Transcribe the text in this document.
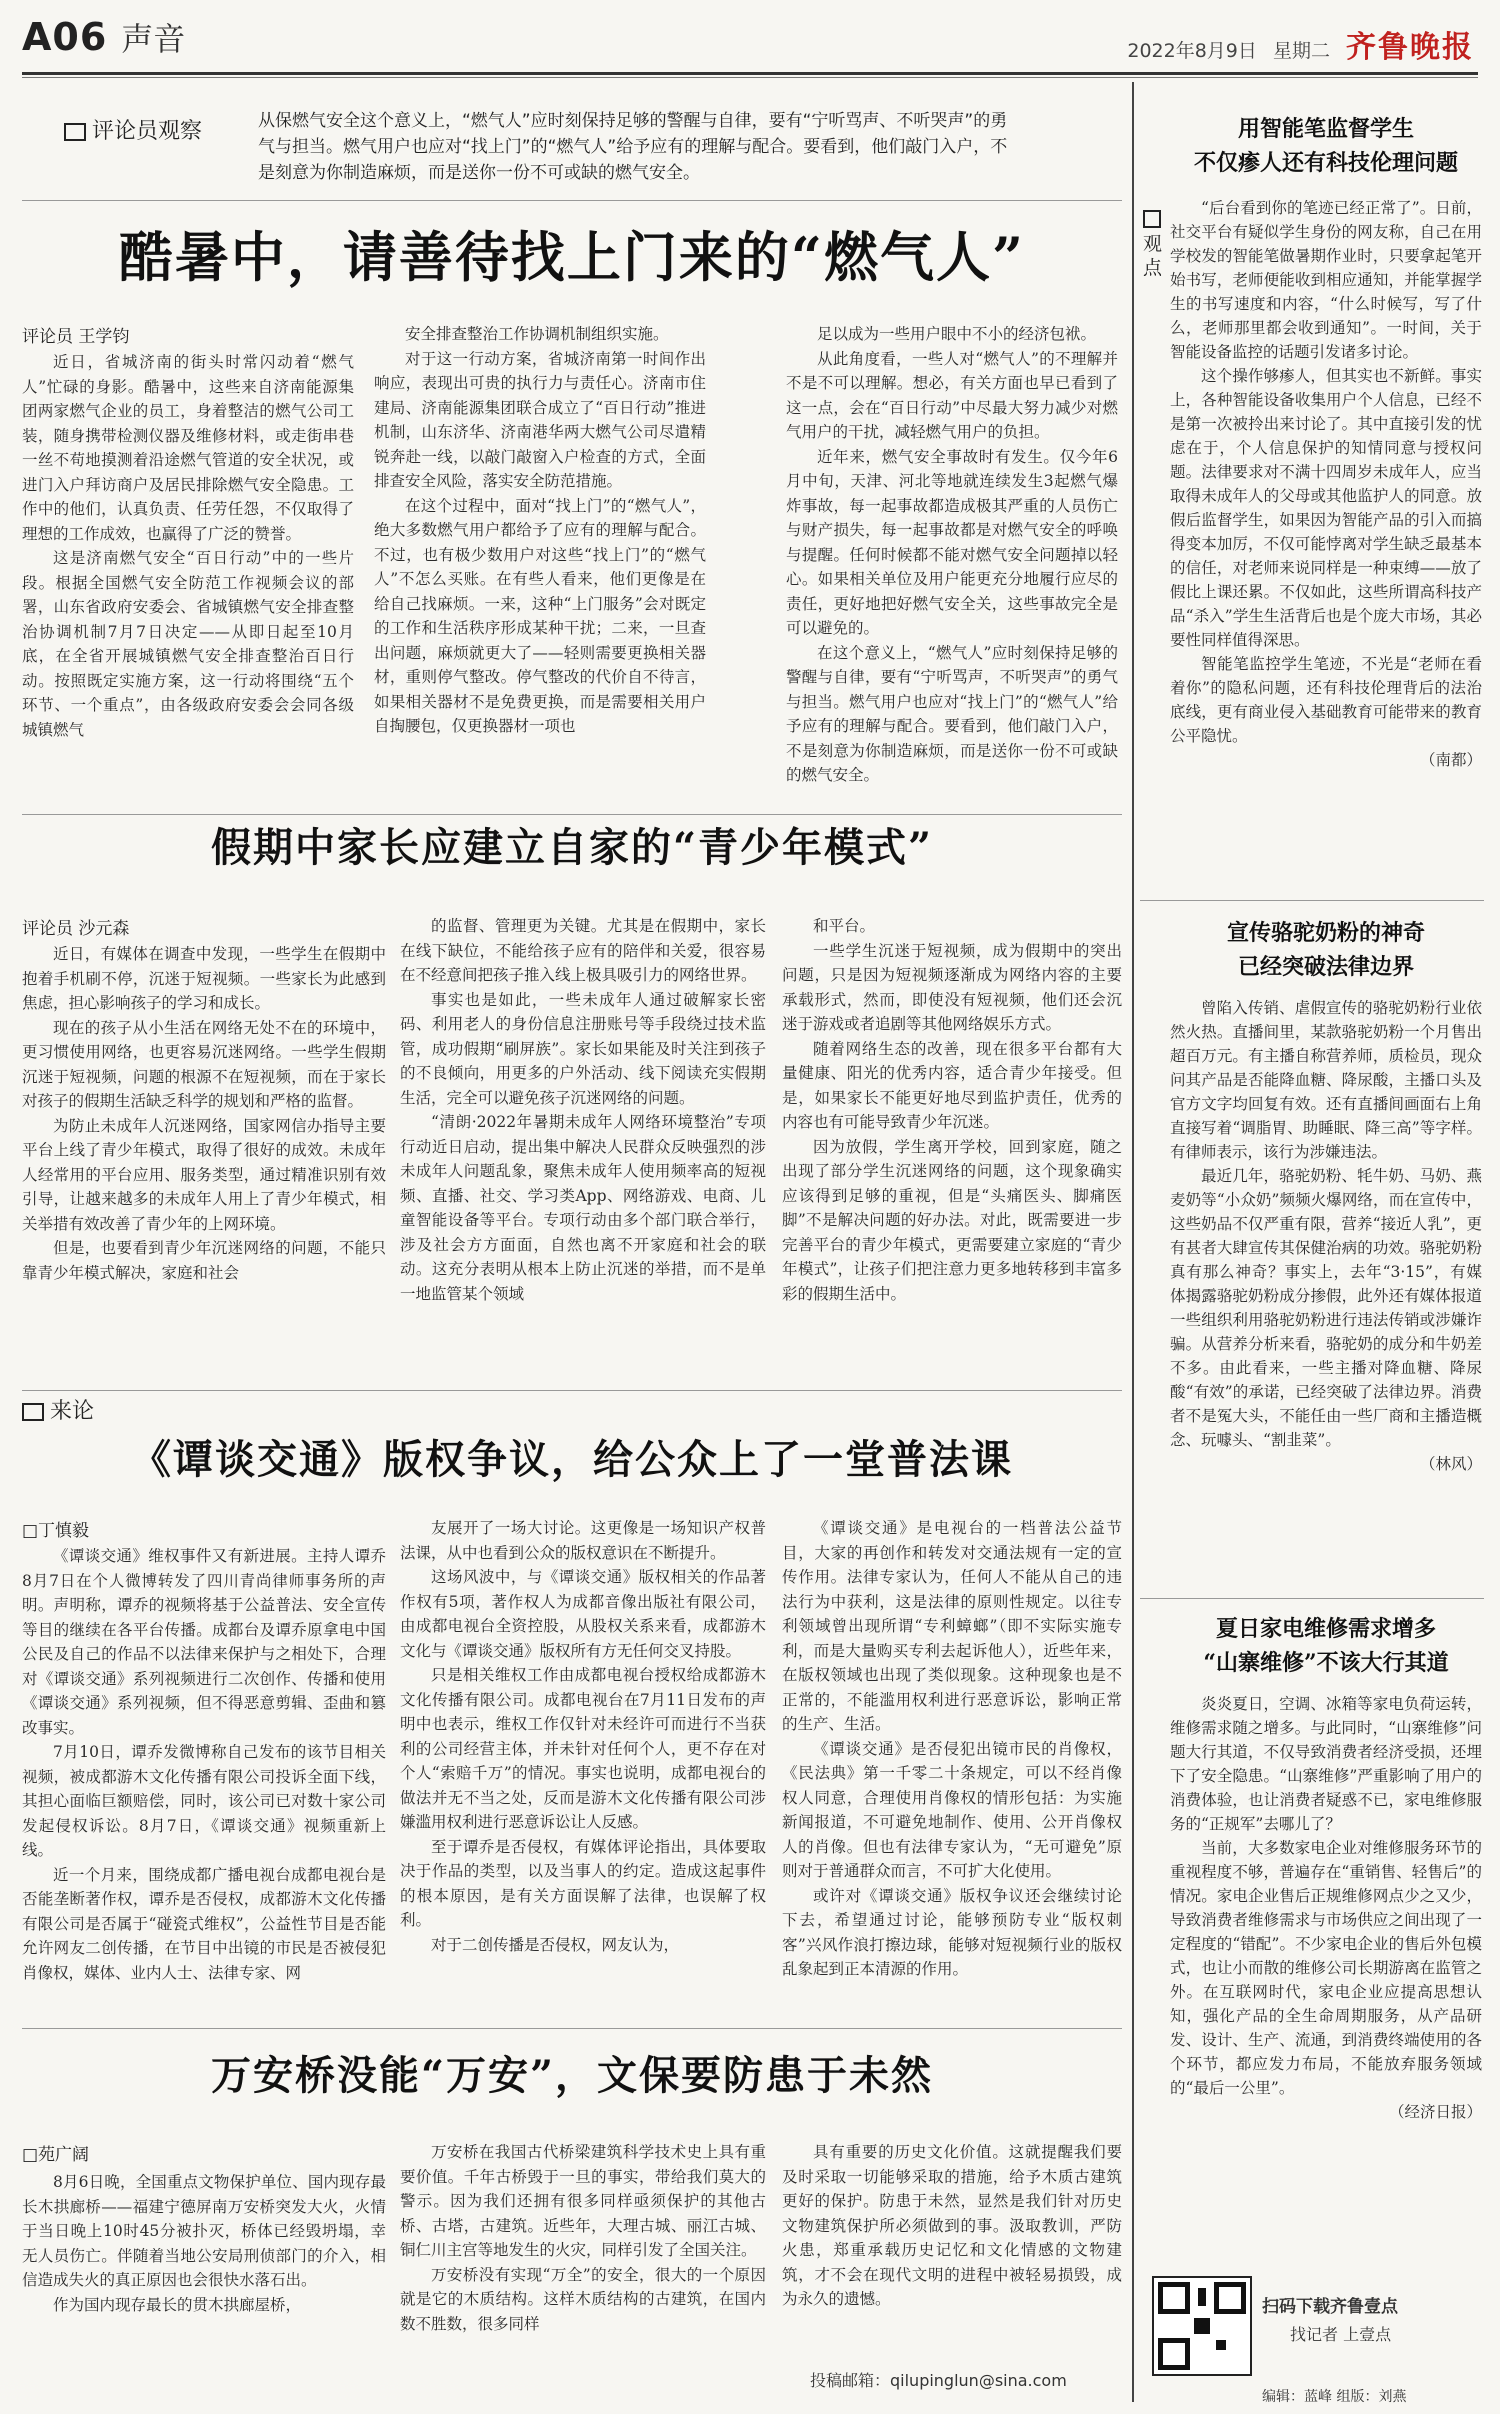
A06 声音	2022年8月9日 星期二 齐鲁晚报
评论员观察	从保燃气安全这个意义上，“燃气人”应时刻保持足够的警醒与自律，要有“宁听骂声、不听哭声”的勇气与担当。燃气用户也应对“找上门”的“燃气人”给予应有的理解与配合。要看到，他们敲门入户，不是刻意为你制造麻烦，而是送你一份不可或缺的燃气安全。
酷暑中，请善待找上门来的“燃气人”
评论员 王学钧

近日，省城济南的街头时常闪动着“燃气人”忙碌的身影。酷暑中，这些来自济南能源集团两家燃气企业的员工，身着整洁的燃气公司工装，随身携带检测仪器及维修材料，或走街串巷一丝不苟地摸测着沿途燃气管道的安全状况，或进门入户拜访商户及居民排除燃气安全隐患。工作中的他们，认真负责、任劳任怨，不仅取得了理想的工作成效，也赢得了广泛的赞誉。

这是济南燃气安全“百日行动”中的一些片段。根据全国燃气安全防范工作视频会议的部署，山东省政府安委会、省城镇燃气安全排查整治协调机制7月7日决定——从即日起至10月底，在全省开展城镇燃气安全排查整治百日行动。按照既定实施方案，这一行动将围绕“五个环节、一个重点”，由各级政府安委会会同各级城镇燃气

安全排查整治工作协调机制组织实施。

对于这一行动方案，省城济南第一时间作出响应，表现出可贵的执行力与责任心。济南市住建局、济南能源集团联合成立了“百日行动”推进机制，山东济华、济南港华两大燃气公司尽遣精锐奔赴一线，以敲门敲窗入户检查的方式，全面排查安全风险，落实安全防范措施。

在这个过程中，面对“找上门”的“燃气人”，绝大多数燃气用户都给予了应有的理解与配合。不过，也有极少数用户对这些“找上门”的“燃气人”不怎么买账。在有些人看来，他们更像是在给自己找麻烦。一来，这种“上门服务”会对既定的工作和生活秩序形成某种干扰；二来，一旦查出问题，麻烦就更大了——轻则需要更换相关器材，重则停气整改。停气整改的代价自不待言，如果相关器材不是免费更换，而是需要相关用户自掏腰包，仅更换器材一项也

足以成为一些用户眼中不小的经济包袱。

从此角度看，一些人对“燃气人”的不理解并不是不可以理解。想必，有关方面也早已看到了这一点，会在“百日行动”中尽最大努力减少对燃气用户的干扰，减轻燃气用户的负担。

近年来，燃气安全事故时有发生。仅今年6月中旬，天津、河北等地就连续发生3起燃气爆炸事故，每一起事故都造成极其严重的人员伤亡与财产损失，每一起事故都是对燃气安全的呼唤与提醒。任何时候都不能对燃气安全问题掉以轻心。如果相关单位及用户能更充分地履行应尽的责任，更好地把好燃气安全关，这些事故完全是可以避免的。

在这个意义上，“燃气人”应时刻保持足够的警醒与自律，要有“宁听骂声，不听哭声”的勇气与担当。燃气用户也应对“找上门”的“燃气人”给予应有的理解与配合。要看到，他们敲门入户，不是刻意为你制造麻烦，而是送你一份不可或缺的燃气安全。

假期中家长应建立自家的“青少年模式”
评论员 沙元森

近日，有媒体在调查中发现，一些学生在假期中抱着手机刷不停，沉迷于短视频。一些家长为此感到焦虑，担心影响孩子的学习和成长。

现在的孩子从小生活在网络无处不在的环境中，更习惯使用网络，也更容易沉迷网络。一些学生假期沉迷于短视频，问题的根源不在短视频，而在于家长对孩子的假期生活缺乏科学的规划和严格的监督。

为防止未成年人沉迷网络，国家网信办指导主要平台上线了青少年模式，取得了很好的成效。未成年人经常用的平台应用、服务类型，通过精准识别有效引导，让越来越多的未成年人用上了青少年模式，相关举措有效改善了青少年的上网环境。

但是，也要看到青少年沉迷网络的问题，不能只靠青少年模式解决，家庭和社会

的监督、管理更为关键。尤其是在假期中，家长在线下缺位，不能给孩子应有的陪伴和关爱，很容易在不经意间把孩子推入线上极具吸引力的网络世界。

事实也是如此，一些未成年人通过破解家长密码、利用老人的身份信息注册账号等手段绕过技术监管，成功假期“刷屏族”。家长如果能及时关注到孩子的不良倾向，用更多的户外活动、线下阅读充实假期生活，完全可以避免孩子沉迷网络的问题。

“清朗·2022年暑期未成年人网络环境整治”专项行动近日启动，提出集中解决人民群众反映强烈的涉未成年人问题乱象，聚焦未成年人使用频率高的短视频、直播、社交、学习类App、网络游戏、电商、儿童智能设备等平台。专项行动由多个部门联合举行，涉及社会方方面面，自然也离不开家庭和社会的联动。这充分表明从根本上防止沉迷的举措，而不是单一地监管某个领域

和平台。

一些学生沉迷于短视频，成为假期中的突出问题，只是因为短视频逐渐成为网络内容的主要承载形式，然而，即使没有短视频，他们还会沉迷于游戏或者追剧等其他网络娱乐方式。

随着网络生态的改善，现在很多平台都有大量健康、阳光的优秀内容，适合青少年接受。但是，如果家长不能更好地尽到监护责任，优秀的内容也有可能导致青少年沉迷。

因为放假，学生离开学校，回到家庭，随之出现了部分学生沉迷网络的问题，这个现象确实应该得到足够的重视，但是“头痛医头、脚痛医脚”不是解决问题的好办法。对此，既需要进一步完善平台的青少年模式，更需要建立家庭的“青少年模式”，让孩子们把注意力更多地转移到丰富多彩的假期生活中。

来论
《谭谈交通》版权争议，给公众上了一堂普法课
□丁慎毅

《谭谈交通》维权事件又有新进展。主持人谭乔8月7日在个人微博转发了四川青尚律师事务所的声明。声明称，谭乔的视频将基于公益普法、安全宣传等目的继续在各平台传播。成都台及谭乔原拿电中国公民及自己的作品不以法律来保护与之相处下，合理对《谭谈交通》系列视频进行二次创作、传播和使用《谭谈交通》系列视频，但不得恶意剪辑、歪曲和篡改事实。

7月10日，谭乔发微博称自己发布的该节目相关视频，被成都游木文化传播有限公司投诉全面下线，其担心面临巨额赔偿，同时，该公司已对数十家公司发起侵权诉讼。8月7日，《谭谈交通》视频重新上线。

近一个月来，围绕成都广播电视台成都电视台是否能垄断著作权，谭乔是否侵权，成都游木文化传播有限公司是否属于“碰瓷式维权”，公益性节目是否能允许网友二创传播，在节目中出镜的市民是否被侵犯肖像权，媒体、业内人士、法律专家、网

友展开了一场大讨论。这更像是一场知识产权普法课，从中也看到公众的版权意识在不断提升。

这场风波中，与《谭谈交通》版权相关的作品著作权有5项，著作权人为成都音像出版社有限公司，由成都电视台全资控股，从股权关系来看，成都游木文化与《谭谈交通》版权所有方无任何交叉持股。

只是相关维权工作由成都电视台授权给成都游木文化传播有限公司。成都电视台在7月11日发布的声明中也表示，维权工作仅针对未经许可而进行不当获利的公司经营主体，并未针对任何个人，更不存在对个人“索赔千万”的情况。事实也说明，成都电视台的做法并无不当之处，反而是游木文化传播有限公司涉嫌滥用权利进行恶意诉讼让人反感。

至于谭乔是否侵权，有媒体评论指出，具体要取决于作品的类型，以及当事人的约定。造成这起事件的根本原因，是有关方面误解了法律，也误解了权利。

对于二创传播是否侵权，网友认为，

《谭谈交通》是电视台的一档普法公益节目，大家的再创作和转发对交通法规有一定的宣传作用。法律专家认为，任何人不能从自己的违法行为中获利，这是法律的原则性规定。以往专利领域曾出现所谓“专利蟑螂”（即不实际实施专利，而是大量购买专利去起诉他人），近些年来，在版权领域也出现了类似现象。这种现象也是不正常的，不能滥用权利进行恶意诉讼，影响正常的生产、生活。

《谭谈交通》是否侵犯出镜市民的肖像权，《民法典》第一千零二十条规定，可以不经肖像权人同意，合理使用肖像权的情形包括：为实施新闻报道，不可避免地制作、使用、公开肖像权人的肖像。但也有法律专家认为，“无可避免”原则对于普通群众而言，不可扩大化使用。

或许对《谭谈交通》版权争议还会继续讨论下去，希望通过讨论，能够预防专业“版权刺客”兴风作浪打擦边球，能够对短视频行业的版权乱象起到正本清源的作用。

万安桥没能“万安”，文保要防患于未然
□苑广阔

8月6日晚，全国重点文物保护单位、国内现存最长木拱廊桥——福建宁德屏南万安桥突发大火，火情于当日晚上10时45分被扑灭，桥体已经毁坍塌，幸无人员伤亡。伴随着当地公安局刑侦部门的介入，相信造成失火的真正原因也会很快水落石出。

作为国内现存最长的贯木拱廊屋桥，

万安桥在我国古代桥梁建筑科学技术史上具有重要价值。千年古桥毁于一旦的事实，带给我们莫大的警示。因为我们还拥有很多同样亟须保护的其他古桥、古塔，古建筑。近些年，大理古城、丽江古城、铜仁川主宫等地发生的火灾，同样引发了全国关注。

万安桥没有实现“万全”的安全，很大的一个原因就是它的木质结构。这样木质结构的古建筑，在国内数不胜数，很多同样

具有重要的历史文化价值。这就提醒我们要及时采取一切能够采取的措施，给予木质古建筑更好的保护。防患于未然，显然是我们针对历史文物建筑保护所必须做到的事。汲取教训，严防火患，郑重承载历史记忆和文化情感的文物建筑，才不会在现代文明的进程中被轻易损毁，成为永久的遗憾。

投稿邮箱：qilupinglun@sina.com
观点
用智能笔监督学生
不仅瘆人还有科技伦理问题

“后台看到你的笔迹已经正常了”。日前，社交平台有疑似学生身份的网友称，自己在用学校发的智能笔做暑期作业时，只要拿起笔开始书写，老师便能收到相应通知，并能掌握学生的书写速度和内容，“什么时候写，写了什么，老师那里都会收到通知”。一时间，关于智能设备监控的话题引发诸多讨论。

这个操作够瘆人，但其实也不新鲜。事实上，各种智能设备收集用户个人信息，已经不是第一次被拎出来讨论了。其中直接引发的忧虑在于，个人信息保护的知情同意与授权问题。法律要求对不满十四周岁未成年人，应当取得未成年人的父母或其他监护人的同意。放假后监督学生，如果因为智能产品的引入而搞得变本加厉，不仅可能悖离对学生缺乏最基本的信任，对老师来说同样是一种束缚——放了假比上课还累。不仅如此，这些所谓高科技产品“杀入”学生生活背后也是个庞大市场，其必要性同样值得深思。

智能笔监控学生笔迹，不光是“老师在看着你”的隐私问题，还有科技伦理背后的法治底线，更有商业侵入基础教育可能带来的教育公平隐忧。

（南都）
宣传骆驼奶粉的神奇
已经突破法律边界

曾陷入传销、虐假宣传的骆驼奶粉行业依然火热。直播间里，某款骆驼奶粉一个月售出超百万元。有主播自称营养师，质检员，现众问其产品是否能降血糖、降尿酸，主播口头及官方文字均回复有效。还有直播间画面右上角直接写着“调脂胃、助睡眠、降三高”等字样。有律师表示，该行为涉嫌违法。

最近几年，骆驼奶粉、牦牛奶、马奶、燕麦奶等“小众奶”频频火爆网络，而在宣传中，这些奶品不仅严重有限，营养“接近人乳”，更有甚者大肆宣传其保健治病的功效。骆驼奶粉真有那么神奇？事实上，去年“3·15”，有媒体揭露骆驼奶粉成分掺假，此外还有媒体报道一些组织利用骆驼奶粉进行违法传销或涉嫌诈骗。从营养分析来看，骆驼奶的成分和牛奶差不多。由此看来，一些主播对降血糖、降尿酸“有效”的承诺，已经突破了法律边界。消费者不是冤大头，不能任由一些厂商和主播造概念、玩噱头、“割韭菜”。

（林风）
夏日家电维修需求增多
“山寨维修”不该大行其道

炎炎夏日，空调、冰箱等家电负荷运转，维修需求随之增多。与此同时，“山寨维修”问题大行其道，不仅导致消费者经济受损，还埋下了安全隐患。“山寨维修”严重影响了用户的消费体验，也让消费者疑惑不已，家电维修服务的“正规军”去哪儿了？

当前，大多数家电企业对维修服务环节的重视程度不够，普遍存在“重销售、轻售后”的情况。家电企业售后正规维修网点少之又少，导致消费者维修需求与市场供应之间出现了一定程度的“错配”。不少家电企业的售后外包模式，也让小而散的维修公司长期游离在监管之外。在互联网时代，家电企业应提高思想认知，强化产品的全生命周期服务，从产品研发、设计、生产、流通，到消费终端使用的各个环节，都应发力布局，不能放弃服务领域的“最后一公里”。

（经济日报）
扫码下载齐鲁壹点
找记者 上壹点
编辑：蓝峰 组版：刘燕
